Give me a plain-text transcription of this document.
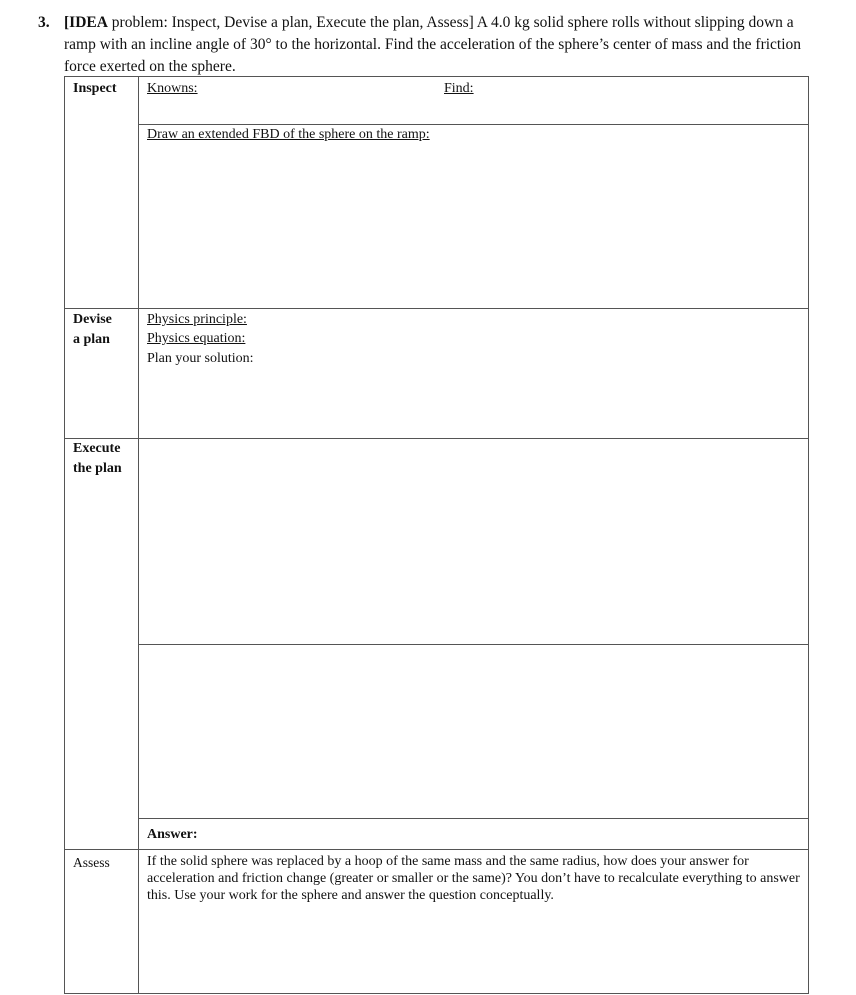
3. [IDEA problem: Inspect, Devise a plan, Execute the plan, Assess] A 4.0 kg solid sphere rolls without slipping down a ramp with an incline angle of 30° to the horizontal. Find the acceleration of the sphere’s center of mass and the friction force exerted on the sphere.
Inspect Knowns:	Find:
Draw an extended FBD of the sphere on the ramp:
Devise
a plan
Physics principle:
Physics equation:
Plan your solution:
Execute
the plan
Answer:
Assess	If the solid sphere was replaced by a hoop of the same mass and the same radius, how does your answer for acceleration and friction change (greater or smaller or the same)? You don’t have to recalculate everything to answer this. Use your work for the sphere and answer the question conceptually.
